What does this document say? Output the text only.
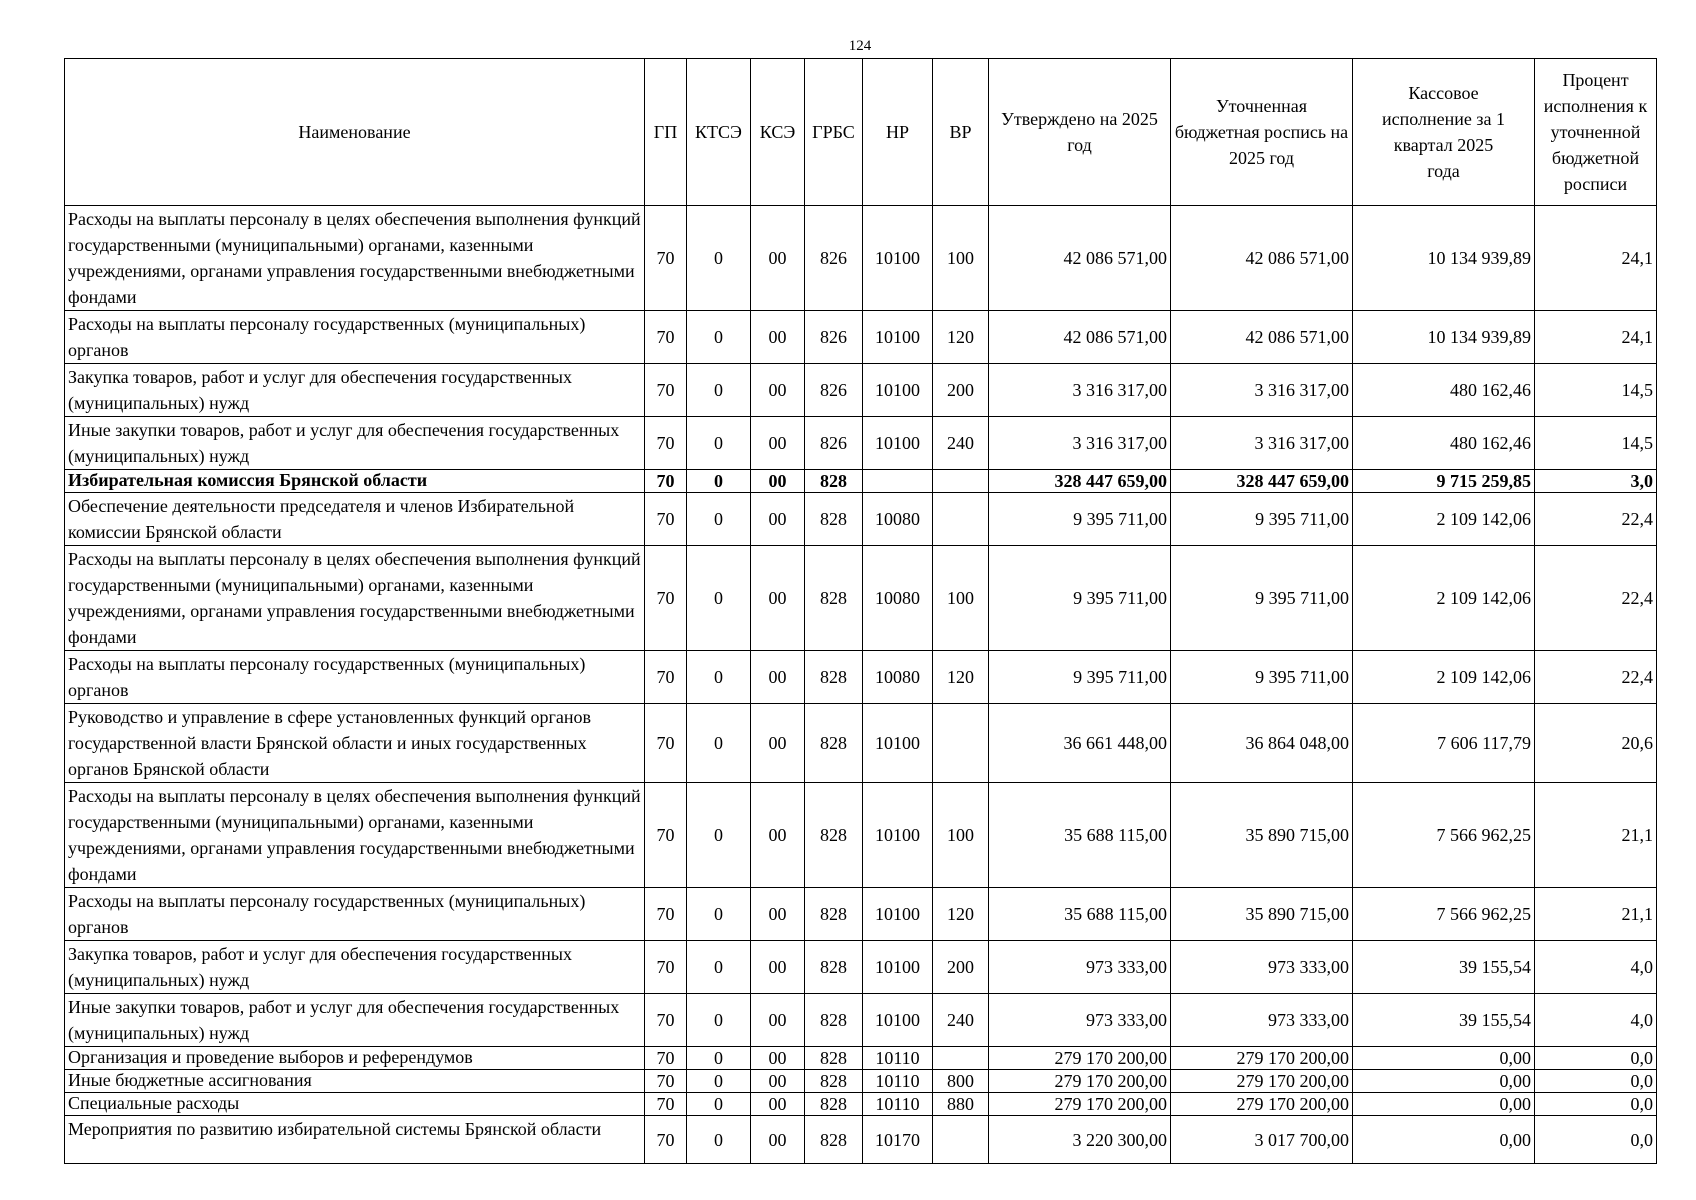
124
Наименование	ГП	КТСЭ	КСЭ	ГРБС	НР	ВР	Утверждено на 2025 год	Уточненная бюджетная роспись на 2025 год	Кассовое исполнение за 1 квартал 2025 года	Процент исполнения к уточненной бюджетной росписи
Расходы на выплаты персоналу в целях обеспечения выполнения функций государственными (муниципальными) органами, казенными учреждениями, органами управления государственными внебюджетными фондами	70	0	00	826	10100	100	42 086 571,00	42 086 571,00	10 134 939,89	24,1
Расходы на выплаты персоналу государственных (муниципальных) органов	70	0	00	826	10100	120	42 086 571,00	42 086 571,00	10 134 939,89	24,1
Закупка товаров, работ и услуг для обеспечения государственных (муниципальных) нужд	70	0	00	826	10100	200	3 316 317,00	3 316 317,00	480 162,46	14,5
Иные закупки товаров, работ и услуг для обеспечения государственных (муниципальных) нужд	70	0	00	826	10100	240	3 316 317,00	3 316 317,00	480 162,46	14,5
Избирательная комиссия Брянской области	70	0	00	828			328 447 659,00	328 447 659,00	9 715 259,85	3,0
Обеспечение деятельности председателя и членов Избирательной комиссии Брянской области	70	0	00	828	10080		9 395 711,00	9 395 711,00	2 109 142,06	22,4
Расходы на выплаты персоналу в целях обеспечения выполнения функций государственными (муниципальными) органами, казенными учреждениями, органами управления государственными внебюджетными фондами	70	0	00	828	10080	100	9 395 711,00	9 395 711,00	2 109 142,06	22,4
Расходы на выплаты персоналу государственных (муниципальных) органов	70	0	00	828	10080	120	9 395 711,00	9 395 711,00	2 109 142,06	22,4
Руководство и управление в сфере установленных функций органов государственной власти Брянской области и иных государственных органов Брянской области	70	0	00	828	10100		36 661 448,00	36 864 048,00	7 606 117,79	20,6
Расходы на выплаты персоналу в целях обеспечения выполнения функций государственными (муниципальными) органами, казенными учреждениями, органами управления государственными внебюджетными фондами	70	0	00	828	10100	100	35 688 115,00	35 890 715,00	7 566 962,25	21,1
Расходы на выплаты персоналу государственных (муниципальных) органов	70	0	00	828	10100	120	35 688 115,00	35 890 715,00	7 566 962,25	21,1
Закупка товаров, работ и услуг для обеспечения государственных (муниципальных) нужд	70	0	00	828	10100	200	973 333,00	973 333,00	39 155,54	4,0
Иные закупки товаров, работ и услуг для обеспечения государственных (муниципальных) нужд	70	0	00	828	10100	240	973 333,00	973 333,00	39 155,54	4,0
Организация и проведение выборов и референдумов	70	0	00	828	10110		279 170 200,00	279 170 200,00	0,00	0,0
Иные бюджетные ассигнования	70	0	00	828	10110	800	279 170 200,00	279 170 200,00	0,00	0,0
Специальные расходы	70	0	00	828	10110	880	279 170 200,00	279 170 200,00	0,00	0,0
Мероприятия по развитию избирательной системы Брянской области	70	0	00	828	10170		3 220 300,00	3 017 700,00	0,00	0,0
